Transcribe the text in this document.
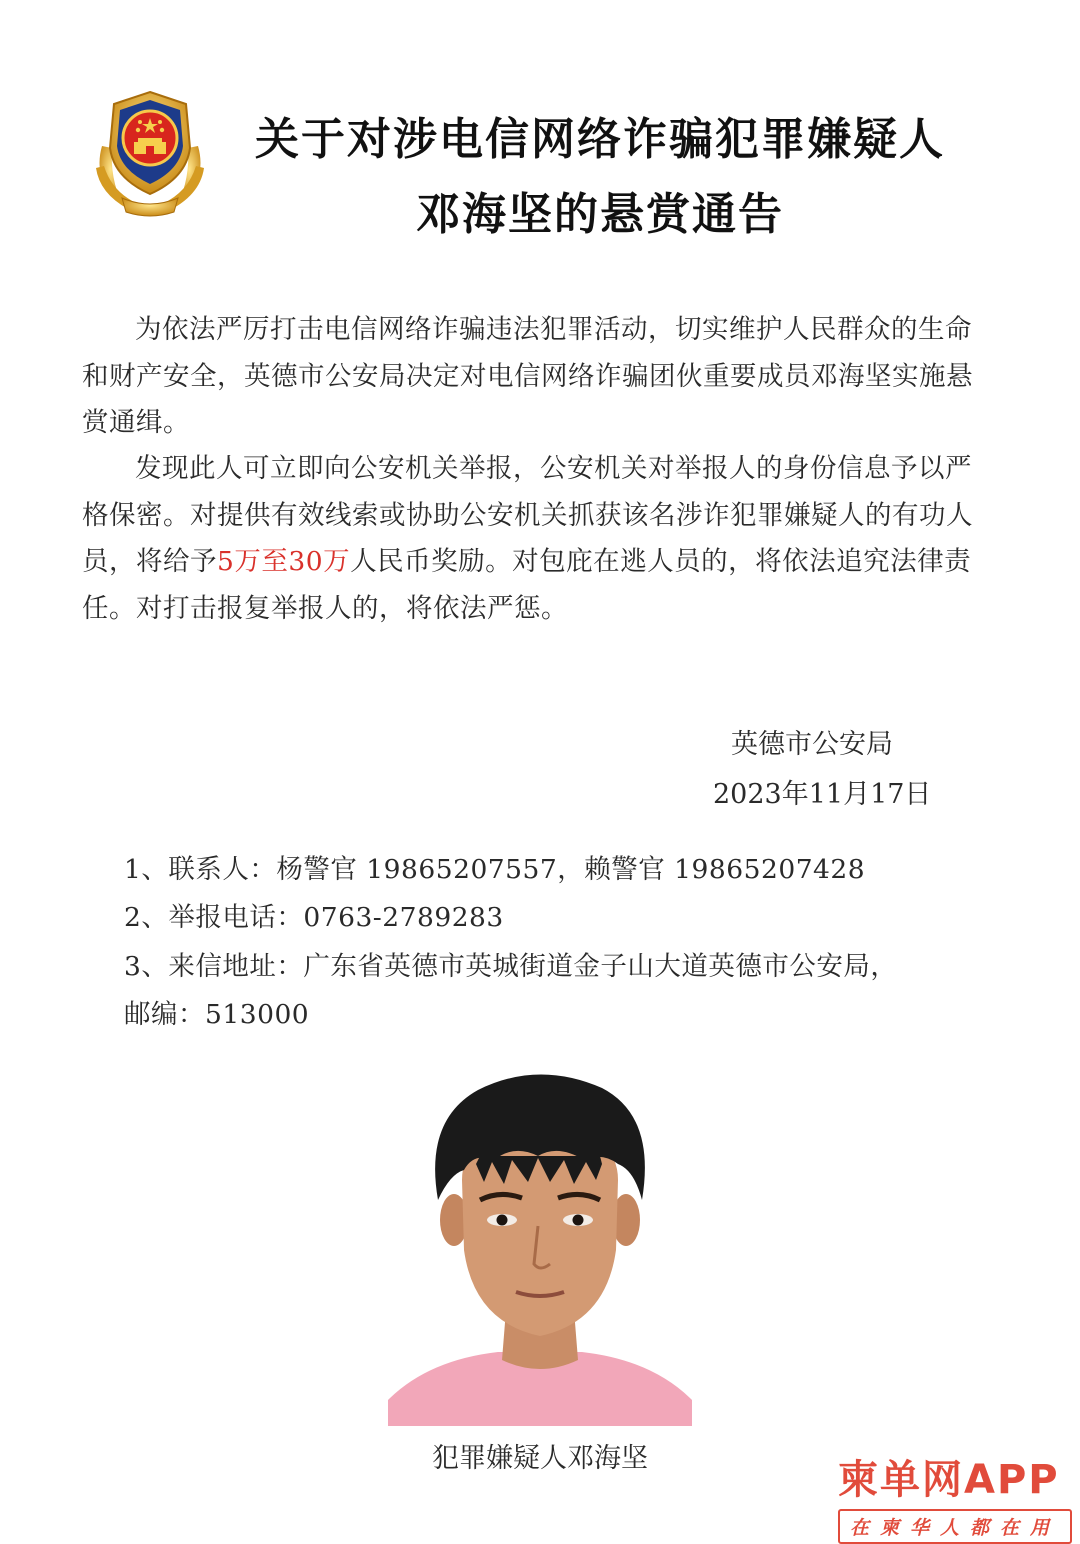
关于对涉电信网络诈骗犯罪嫌疑人
邓海坚的悬赏通告

为依法严厉打击电信网络诈骗违法犯罪活动，切实维护人民群众的生命和财产安全，英德市公安局决定对电信网络诈骗团伙重要成员邓海坚实施悬赏通缉。

发现此人可立即向公安机关举报，公安机关对举报人的身份信息予以严格保密。对提供有效线索或协助公安机关抓获该名涉诈犯罪嫌疑人的有功人员，将给予5万至30万人民币奖励。对包庇在逃人员的，将依法追究法律责任。对打击报复举报人的，将依法严惩。

英德市公安局
2023年11月17日
1、联系人：杨警官 19865207557，赖警官 19865207428
2、举报电话：0763-2789283
3、来信地址：广东省英德市英城街道金子山大道英德市公安局，
邮编：513000
犯罪嫌疑人邓海坚	柬单网APP
在柬华人都在用
